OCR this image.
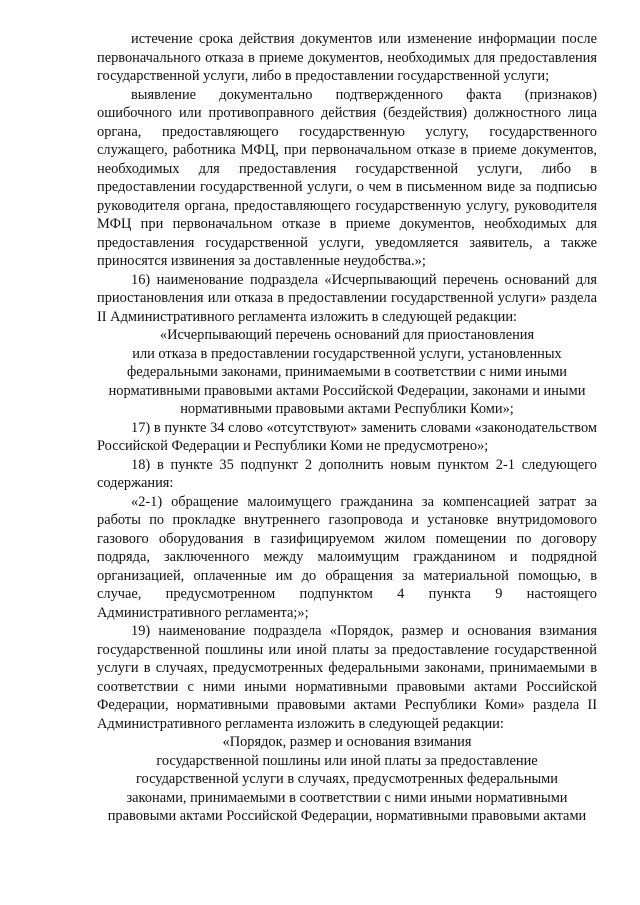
истечение срока действия документов или изменение информации после первоначального отказа в приеме документов, необходимых для предоставления государственной услуги, либо в предоставлении государственной услуги;

выявление документально подтвержденного факта (признаков) ошибочного или противоправного действия (бездействия) должностного лица органа, предоставляющего государственную услугу, государственного служащего, работника МФЦ, при первоначальном отказе в приеме документов, необходимых для предоставления государственной услуги, либо в предоставлении государственной услуги, о чем в письменном виде за подписью руководителя органа, предоставляющего государственную услугу, руководителя МФЦ при первоначальном отказе в приеме документов, необходимых для предоставления государственной услуги, уведомляется заявитель, а также приносятся извинения за доставленные неудобства.»;

16) наименование подраздела «Исчерпывающий перечень оснований для приостановления или отказа в предоставлении государственной услуги» раздела II Административного регламента изложить в следующей редакции:

«Исчерпывающий перечень оснований для приостановления
или отказа в предоставлении государственной услуги, установленных
федеральными законами, принимаемыми в соответствии с ними иными
нормативными правовыми актами Российской Федерации, законами и иными
нормативными правовыми актами Республики Коми»;

17) в пункте 34 слово «отсутствуют» заменить словами «законодательством Российской Федерации и Республики Коми не предусмотрено»;

18) в пункте 35 подпункт 2 дополнить новым пунктом 2-1 следующего содержания:

«2-1) обращение малоимущего гражданина за компенсацией затрат за работы по прокладке внутреннего газопровода и установке внутридомового газового оборудования в газифицируемом жилом помещении по договору подряда, заключенного между малоимущим гражданином и подрядной организацией, оплаченные им до обращения за материальной помощью, в случае, предусмотренном подпунктом 4 пункта 9 настоящего Административного регламента;»;

19) наименование подраздела «Порядок, размер и основания взимания государственной пошлины или иной платы за предоставление государственной услуги в случаях, предусмотренных федеральными законами, принимаемыми в соответствии с ними иными нормативными правовыми актами Российской Федерации, нормативными правовыми актами Республики Коми» раздела II Административного регламента изложить в следующей редакции:

«Порядок, размер и основания взимания
государственной пошлины или иной платы за предоставление
государственной услуги в случаях, предусмотренных федеральными
законами, принимаемыми в соответствии с ними иными нормативными
правовыми актами Российской Федерации, нормативными правовыми актами
